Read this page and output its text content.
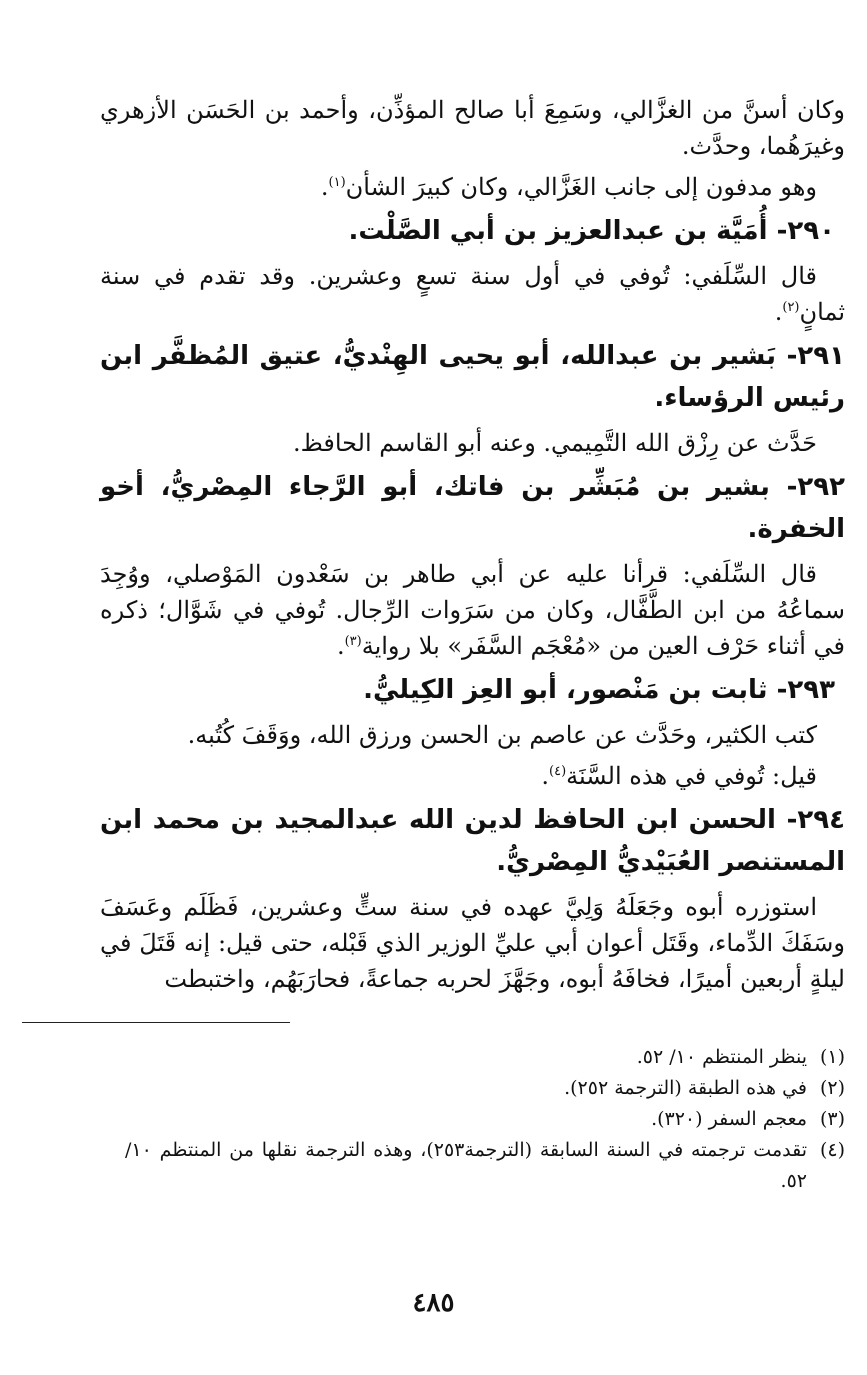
وكان أسنَّ من الغزَّالي، وسَمِعَ أبا صالح المؤذِّن، وأحمد بن الحَسَن الأزهري وغيرَهُما، وحدَّث.

وهو مدفون إلى جانب الغَزَّالي، وكان كبيرَ الشأن$^{(١)}$.

٢٩٠- أُمَيَّة بن عبدالعزيز بن أبي الصَّلْت.

قال السِّلَفي: تُوفي في أول سنة تسعٍ وعشرين. وقد تقدم في سنة ثمانٍ$^{(٢)}$.

٢٩١- بَشير بن عبدالله، أبو يحيى الهِنْديُّ، عتيق المُظفَّر ابن رئيس الرؤساء.

حَدَّث عن رِزْق الله التَّمِيمي. وعنه أبو القاسم الحافظ.

٢٩٢- بشير بن مُبَشِّر بن فاتك، أبو الرَّجاء المِصْريُّ، أخو الخفرة.

قال السِّلَفي: قرأنا عليه عن أبي طاهر بن سَعْدون المَوْصلي، ووُجِدَ سماعُهُ من ابن الطَّفَّال، وكان من سَرَوات الرِّجال. تُوفي في شَوَّال؛ ذكره في أثناء حَرْف العين من «مُعْجَم السَّفَر» بلا رواية$^{(٣)}$.

٢٩٣- ثابت بن مَنْصور، أبو العِز الكِيليُّ.

كتب الكثير، وحَدَّث عن عاصم بن الحسن ورزق الله، ووَقَفَ كُتُبه.

قيل: تُوفي في هذه السَّنَة$^{(٤)}$.

٢٩٤- الحسن ابن الحافظ لدين الله عبدالمجيد بن محمد ابن المستنصر العُبَيْديُّ المِصْريُّ.

استوزره أبوه وجَعَلَهُ وَلِيَّ عهده في سنة ستٍّ وعشرين، فَظَلَم وعَسَفَ وسَفَكَ الدِّماء، وقَتَل أعوان أبي عليِّ الوزير الذي قَبْله، حتى قيل: إنه قَتَلَ في ليلةٍ أربعين أميرًا، فخافَهُ أبوه، وجَهَّزَ لحربه جماعةً، فحارَبَهُم، واختبطت

(١)
ينظر المنتظم ١٠/ ٥٢.
(٢)
في هذه الطبقة (الترجمة ٢٥٢).
(٣)
معجم السفر (٣٢٠).
(٤)
تقدمت ترجمته في السنة السابقة (الترجمة٢٥٣)، وهذه الترجمة نقلها من المنتظم ١٠/ ٥٢.
٤٨٥
